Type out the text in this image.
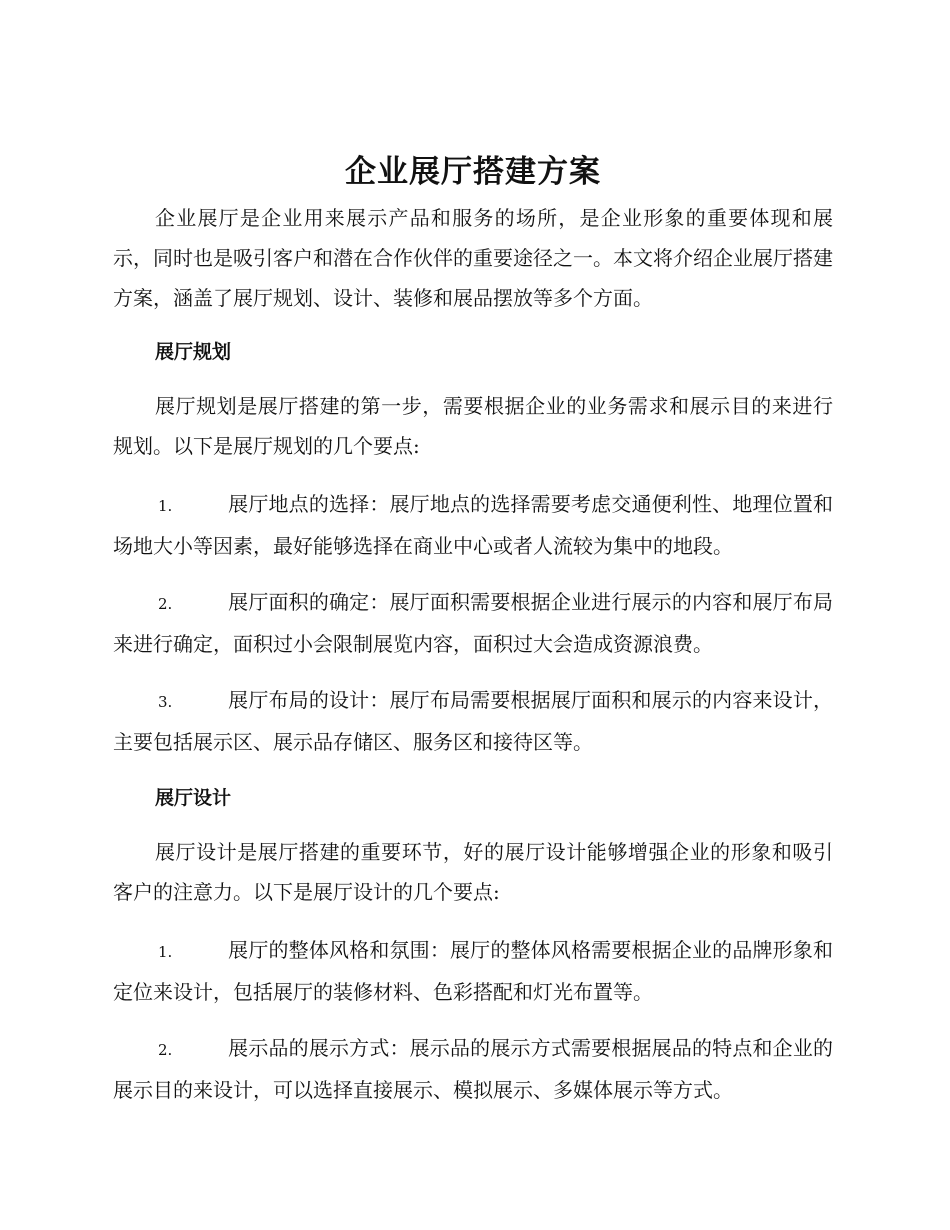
企业展厅搭建方案

企业展厅是企业用来展示产品和服务的场所，是企业形象的重要体现和展示，同时也是吸引客户和潜在合作伙伴的重要途径之一。本文将介绍企业展厅搭建方案，涵盖了展厅规划、设计、装修和展品摆放等多个方面。

展厅规划

展厅规划是展厅搭建的第一步，需要根据企业的业务需求和展示目的来进行规划。以下是展厅规划的几个要点:

1.	展厅地点的选择：展厅地点的选择需要考虑交通便利性、地理位置和场地大小等因素，最好能够选择在商业中心或者人流较为集中的地段。
2.	展厅面积的确定：展厅面积需要根据企业进行展示的内容和展厅布局来进行确定，面积过小会限制展览内容，面积过大会造成资源浪费。
3.	展厅布局的设计：展厅布局需要根据展厅面积和展示的内容来设计，主要包括展示区、展示品存储区、服务区和接待区等。
展厅设计

展厅设计是展厅搭建的重要环节，好的展厅设计能够增强企业的形象和吸引客户的注意力。以下是展厅设计的几个要点:

1.	展厅的整体风格和氛围：展厅的整体风格需要根据企业的品牌形象和定位来设计，包括展厅的装修材料、色彩搭配和灯光布置等。
2.	展示品的展示方式：展示品的展示方式需要根据展品的特点和企业的展示目的来设计，可以选择直接展示、模拟展示、多媒体展示等方式。
